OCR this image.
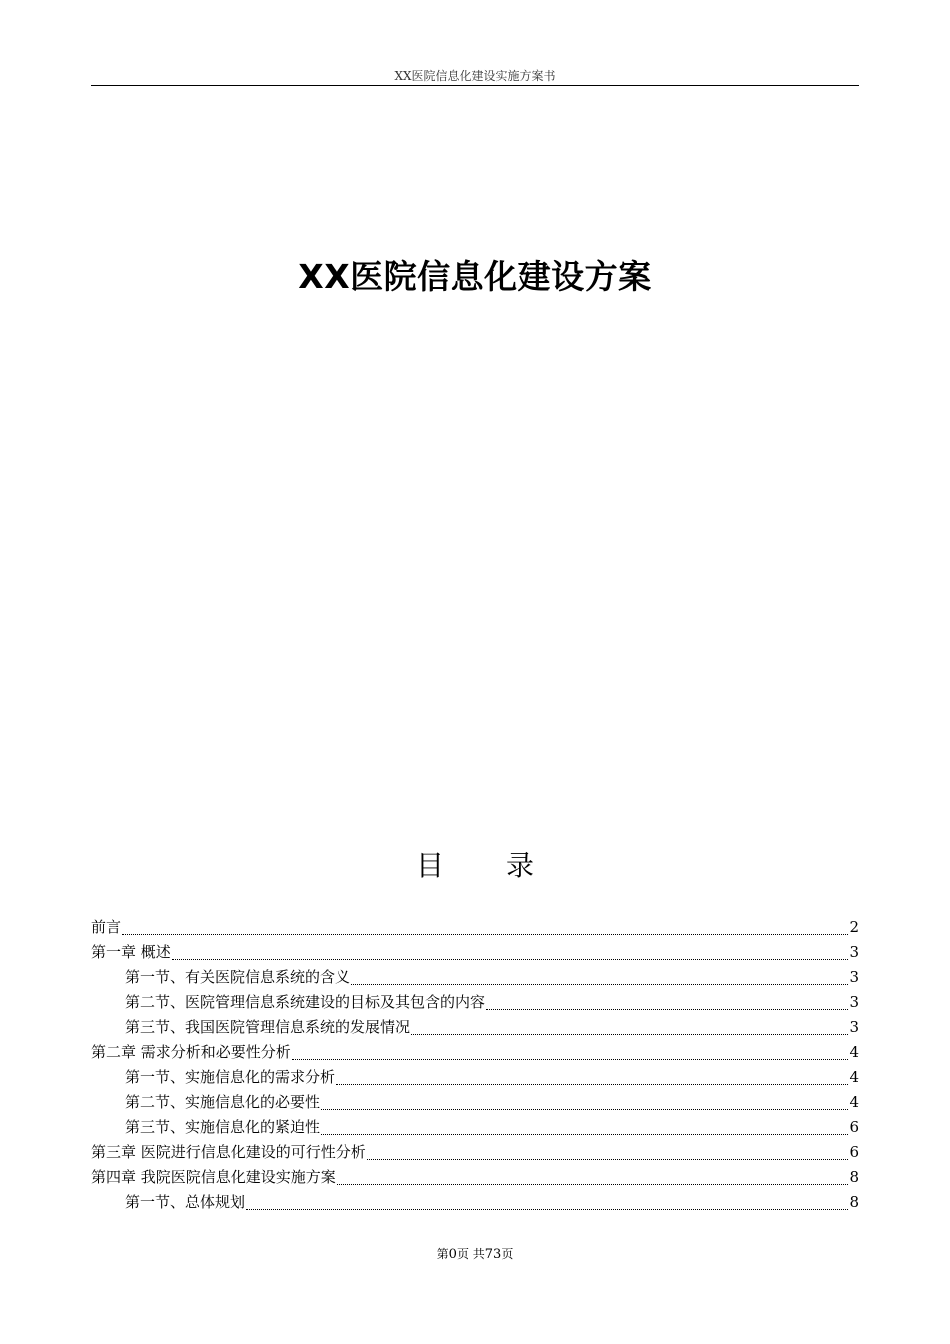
XX医院信息化建设实施方案书
XX医院信息化建设方案
目 录
前言	2
第一章 概述	3
第一节、有关医院信息系统的含义	3
第二节、医院管理信息系统建设的目标及其包含的内容	3
第三节、我国医院管理信息系统的发展情况	3
第二章 需求分析和必要性分析	4
第一节、实施信息化的需求分析	4
第二节、实施信息化的必要性	4
第三节、实施信息化的紧迫性	6
第三章 医院进行信息化建设的可行性分析	6
第四章 我院医院信息化建设实施方案	8
第一节、总体规划	8
第0页 共73页
